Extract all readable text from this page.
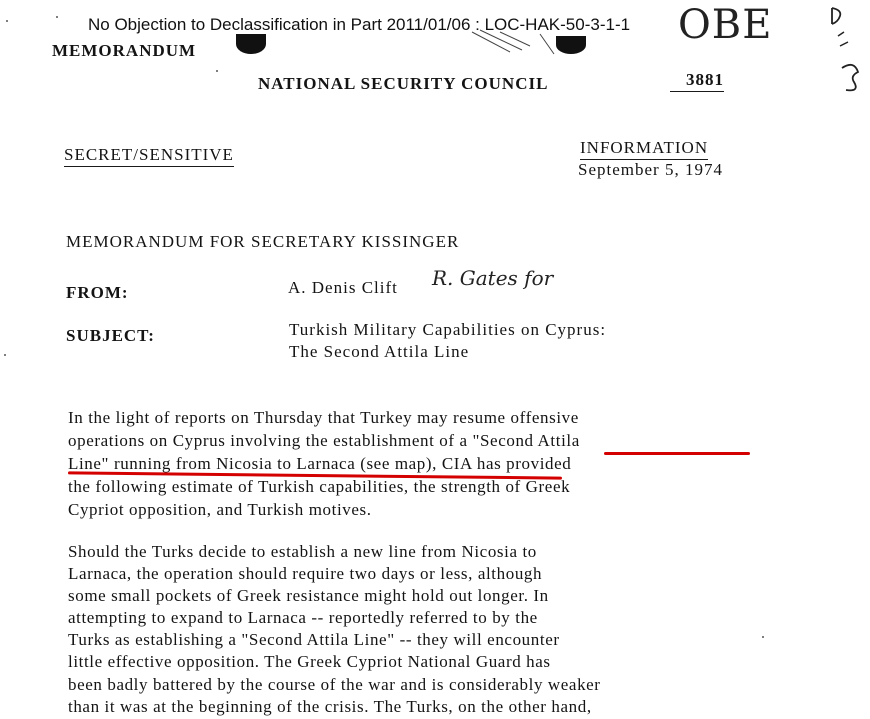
No Objection to Declassification in Part 2011/01/06 : LOC-HAK-50-3-1-1 OBE
MEMORANDUM
NATIONAL SECURITY COUNCIL	3881
SECRET/SENSITIVE	INFORMATION
September 5, 1974
MEMORANDUM FOR SECRETARY KISSINGER
FROM:	A. Denis Clift R. Gates for
SUBJECT:	Turkish Military Capabilities on Cyprus:
The Second Attila Line
In the light of reports on Thursday that Turkey may resume offensive
operations on Cyprus involving the establishment of a "Second Attila
Line" running from Nicosia to Larnaca (see map), CIA has provided
the following estimate of Turkish capabilities, the strength of Greek
Cypriot opposition, and Turkish motives.
Should the Turks decide to establish a new line from Nicosia to
Larnaca, the operation should require two days or less, although
some small pockets of Greek resistance might hold out longer. In
attempting to expand to Larnaca -- reportedly referred to by the
Turks as establishing a "Second Attila Line" -- they will encounter
little effective opposition. The Greek Cypriot National Guard has
been badly battered by the course of the war and is considerably weaker
than it was at the beginning of the crisis. The Turks, on the other hand,
